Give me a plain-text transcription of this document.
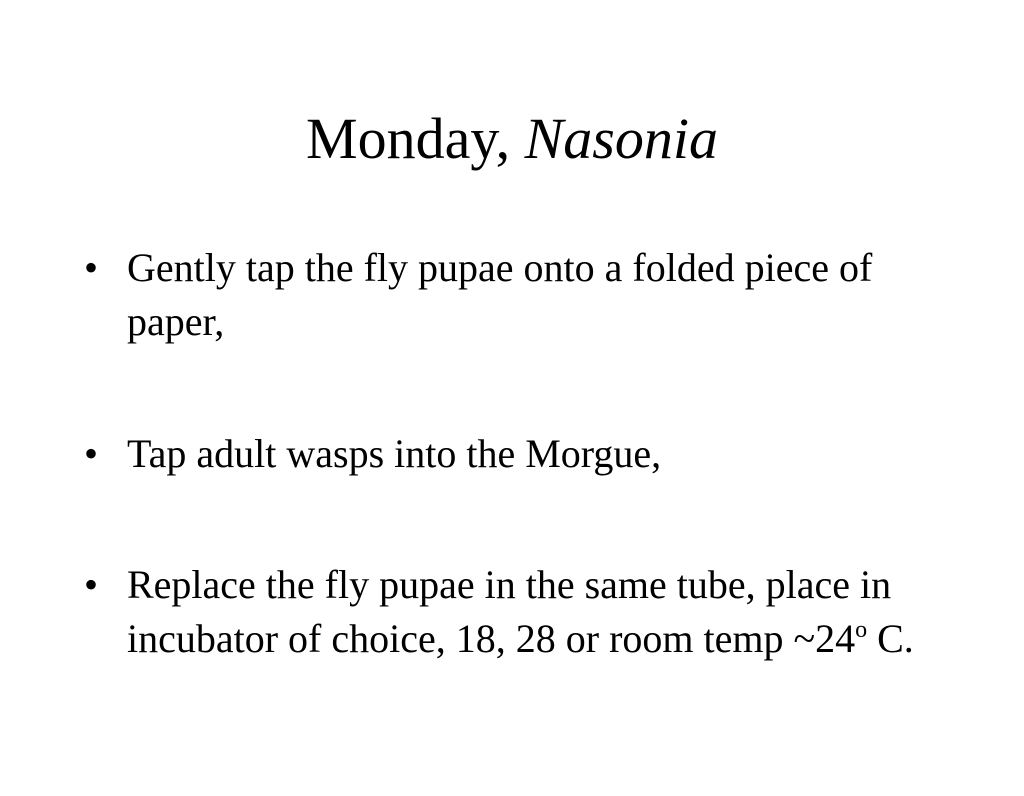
Monday, Nasonia
• Gently tap the fly pupae onto a folded piece of paper,
• Tap adult wasps into the Morgue,
• Replace the fly pupae in the same tube, place in incubator of choice, 18, 28 or room temp ~24$^o$ C.
